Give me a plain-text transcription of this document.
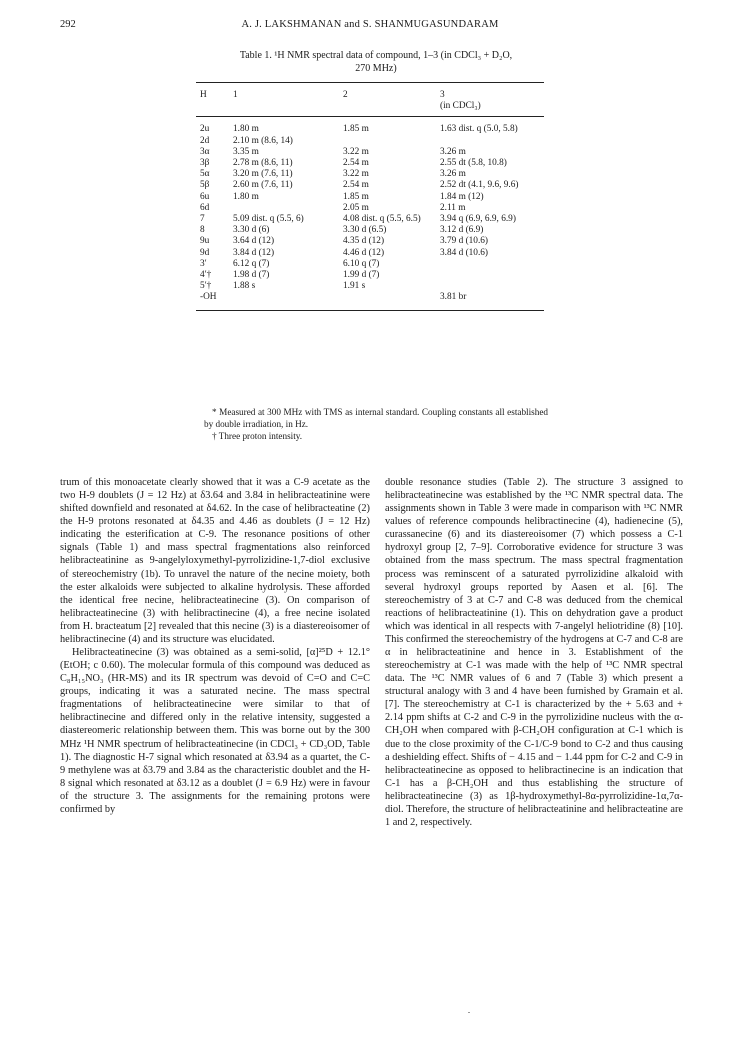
292	A. J. LAKSHMANAN and S. SHANMUGASUNDARAM
Table 1. ¹H NMR spectral data of compound, 1–3 (in CDCl₃ + D₂O,
270 MHz)
H	1	2	3
(in CDCl₃)

2u	1.80 m	1.85 m	1.63 dist. q (5.0, 5.8)
2d	2.10 m (8.6, 14)		
3α	3.35 m	3.22 m	3.26 m
3β	2.78 m (8.6, 11)	2.54 m	2.55 dt (5.8, 10.8)
5α	3.20 m (7.6, 11)	3.22 m	3.26 m
5β	2.60 m (7.6, 11)	2.54 m	2.52 dt (4.1, 9.6, 9.6)
6u	1.80 m	1.85 m	1.84 m (12)
6d		2.05 m	2.11 m
7	5.09 dist. q (5.5, 6)	4.08 dist. q (5.5, 6.5)	3.94 q (6.9, 6.9, 6.9)
8	3.30 d (6)	3.30 d (6.5)	3.12 d (6.9)
9u	3.64 d (12)	4.35 d (12)	3.79 d (10.6)
9d	3.84 d (12)	4.46 d (12)	3.84 d (10.6)
3′	6.12 q (7)	6.10 q (7)	
4′†	1.98 d (7)	1.99 d (7)	
5′†	1.88 s	1.91 s	
-OH			3.81 br

* Measured at 300 MHz with TMS as internal standard. Coupling constants all established by double irradiation, in Hz.

† Three proton intensity.

trum of this monoacetate clearly showed that it was a C-9 acetate as the two H-9 doublets (J = 12 Hz) at δ3.64 and 3.84 in helibracteatinine were shifted downfield and resonated at δ4.62. In the case of helibracteatine (2) the H-9 protons resonated at δ4.35 and 4.46 as doublets (J = 12 Hz) indicating the esterification at C-9. The resonance positions of other signals (Table 1) and mass spectral fragmentations also reinforced helibracteatinine as 9-angelyloxymethyl-pyrrolizidine-1,7-diol exclusive of stereochemistry (1b). To unravel the nature of the necine moiety, both the ester alkaloids were subjected to alkaline hydrolysis. These afforded the identical free necine, helibracteatinecine (3). On comparison of helibracteatinecine (3) with helibractinecine (4), a free necine isolated from H. bracteatum [2] revealed that this necine (3) is a diastereoisomer of helibractinecine (4) and its structure was elucidated.

Helibracteatinecine (3) was obtained as a semi-solid, [α]²⁵D + 12.1° (EtOH; c 0.60). The molecular formula of this compound was deduced as C₈H₁₅NO₃ (HR-MS) and its IR spectrum was devoid of C=O and C=C groups, indicating it was a saturated necine. The mass spectral fragmentations of helibracteatinecine were similar to that of helibractinecine and differed only in the relative intensity, suggested a diastereomeric relationship between them. This was borne out by the 300 MHz ¹H NMR spectrum of helibracteatinecine (in CDCl₃ + CD₃OD, Table 1). The diagnostic H-7 signal which resonated at δ3.94 as a quartet, the C-9 methylene was at δ3.79 and 3.84 as the characteristic doublet and the H-8 signal which resonated at δ3.12 as a doublet (J = 6.9 Hz) were in favour of the structure 3. The assignments for the remaining protons were confirmed by

double resonance studies (Table 2). The structure 3 assigned to helibracteatinecine was established by the ¹³C NMR spectral data. The assignments shown in Table 3 were made in comparison with ¹³C NMR values of reference compounds helibractinecine (4), hadienecine (5), curassanecine (6) and its diastereoisomer (7) which possess a C-1 hydroxyl group [2, 7–9]. Corroborative evidence for structure 3 was obtained from the mass spectrum. The mass spectral fragmentation process was reminscent of a saturated pyrrolizidine alkaloid with several hydroxyl groups reported by Aasen et al. [6]. The stereochemistry of 3 at C-7 and C-8 was deduced from the chemical reactions of helibracteatinine (1). This on dehydration gave a product which was identical in all respects with 7-angelyl heliotridine (8) [10]. This confirmed the stereochemistry of the hydrogens at C-7 and C-8 are α in helibracteatinine and hence in 3. Establishment of the stereochemistry at C-1 was made with the help of ¹³C NMR spectral data. The ¹³C NMR values of 6 and 7 (Table 3) which present a structural analogy with 3 and 4 have been furnished by Gramain et al. [7]. The stereochemistry at C-1 is characterized by the + 5.63 and + 2.14 ppm shifts at C-2 and C-9 in the pyrrolizidine nucleus with the α-CH₂OH when compared with β-CH₂OH configuration at C-1 which is due to the close proximity of the C-1/C-9 bond to C-2 and thus causing a deshielding effect. Shifts of − 4.15 and − 1.44 ppm for C-2 and C-9 in helibracteatinecine as opposed to helibractinecine is an indication that C-1 has a β-CH₂OH and thus establishing the structure of helibracteatinecine (3) as 1β-hydroxymethyl-8α-pyrrolizidine-1α,7α-diol. Therefore, the structure of helibracteatinine and helibracteatine are 1 and 2, respectively.
